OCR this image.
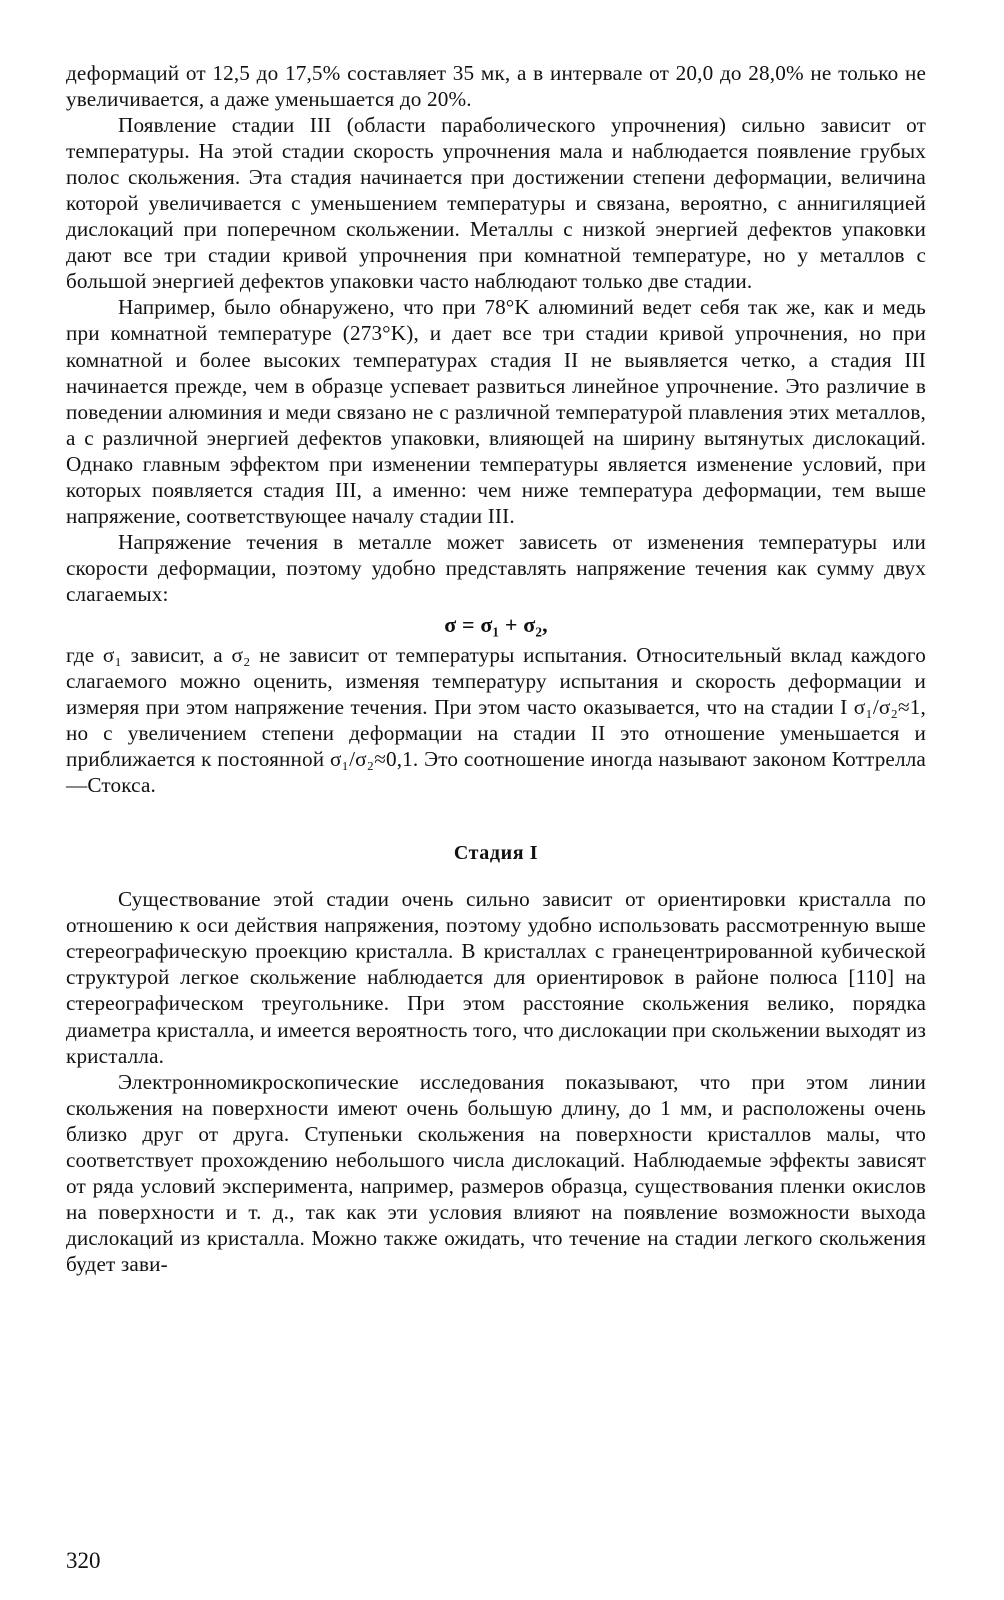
деформаций от 12,5 до 17,5% составляет 35 мк, а в интервале от 20,0 до 28,0% не только не увеличивается, а даже уменьшается до 20%.

Появление стадии III (области параболического упрочнения) сильно зависит от температуры. На этой стадии скорость упрочнения мала и наблюдается появление грубых полос скольжения. Эта стадия начинается при достижении степени деформации, величина которой увеличивается с уменьшением температуры и связана, вероятно, с аннигиляцией дислокаций при поперечном скольжении. Металлы с низкой энергией дефектов упаковки дают все три стадии кривой упрочнения при комнатной температуре, но у металлов с большой энергией дефектов упаковки часто наблюдают только две стадии.

Например, было обнаружено, что при 78°K алюминий ведет себя так же, как и медь при комнатной температуре (273°K), и дает все три стадии кривой упрочнения, но при комнатной и более высоких температурах стадия II не выявляется четко, а стадия III начинается прежде, чем в образце успевает развиться линейное упрочнение. Это различие в поведении алюминия и меди связано не с различной температурой плавления этих металлов, а с различной энергией дефектов упаковки, влияющей на ширину вытянутых дислокаций. Однако главным эффектом при изменении температуры является изменение условий, при которых появляется стадия III, а именно: чем ниже температура деформации, тем выше напряжение, соответствующее началу стадии III.

Напряжение течения в металле может зависеть от изменения температуры или скорости деформации, поэтому удобно представлять напряжение течения как сумму двух слагаемых:

σ = σ₁ + σ₂,

где σ₁ зависит, а σ₂ не зависит от температуры испытания. Относительный вклад каждого слагаемого можно оценить, изменяя температуру испытания и скорость деформации и измеряя при этом напряжение течения. При этом часто оказывается, что на стадии I σ₁/σ₂≈1, но с увеличением степени деформации на стадии II это отношение уменьшается и приближается к постоянной σ₁/σ₂≈0,1. Это соотношение иногда называют законом Коттрелла—Стокса.

Стадия I

Существование этой стадии очень сильно зависит от ориентировки кристалла по отношению к оси действия напряжения, поэтому удобно использовать рассмотренную выше стереографическую проекцию кристалла. В кристаллах с гранецентрированной кубической структурой легкое скольжение наблюдается для ориентировок в районе полюса [110] на стереографическом треугольнике. При этом расстояние скольжения велико, порядка диаметра кристалла, и имеется вероятность того, что дислокации при скольжении выходят из кристалла.

Электронномикроскопические исследования показывают, что при этом линии скольжения на поверхности имеют очень большую длину, до 1 мм, и расположены очень близко друг от друга. Ступеньки скольжения на поверхности кристаллов малы, что соответствует прохождению небольшого числа дислокаций. Наблюдаемые эффекты зависят от ряда условий эксперимента, например, размеров образца, существования пленки окислов на поверхности и т. д., так как эти условия влияют на появление возможности выхода дислокаций из кристалла. Можно также ожидать, что течение на стадии легкого скольжения будет зави-

320
